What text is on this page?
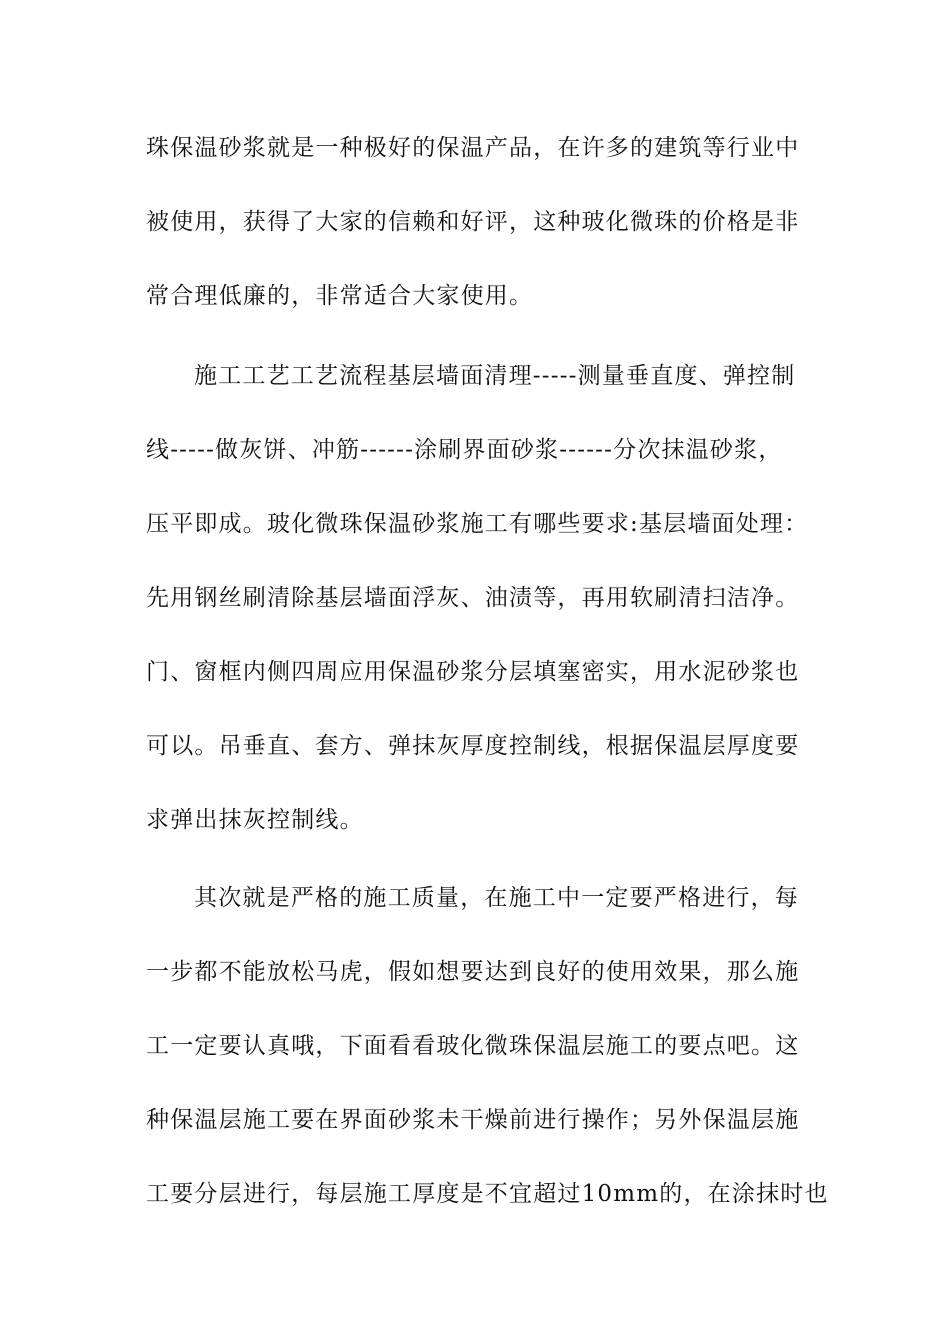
珠保温砂浆就是一种极好的保温产品，在许多的建筑等行业中
被使用，获得了大家的信赖和好评，这种玻化微珠的价格是非
常合理低廉的，非常适合大家使用。
施工工艺工艺流程基层墙面清理-----测量垂直度、弹控制
线-----做灰饼、冲筋------涂刷界面砂浆------分次抹温砂浆，
压平即成。玻化微珠保温砂浆施工有哪些要求:基层墙面处理：
先用钢丝刷清除基层墙面浮灰、油渍等，再用软刷清扫洁净。
门、窗框内侧四周应用保温砂浆分层填塞密实，用水泥砂浆也
可以。吊垂直、套方、弹抹灰厚度控制线，根据保温层厚度要
求弹出抹灰控制线。
其次就是严格的施工质量，在施工中一定要严格进行，每
一步都不能放松马虎，假如想要达到良好的使用效果，那么施
工一定要认真哦，下面看看玻化微珠保温层施工的要点吧。这
种保温层施工要在界面砂浆未干燥前进行操作；另外保温层施
工要分层进行，每层施工厚度是不宜超过10mm的，在涂抹时也
